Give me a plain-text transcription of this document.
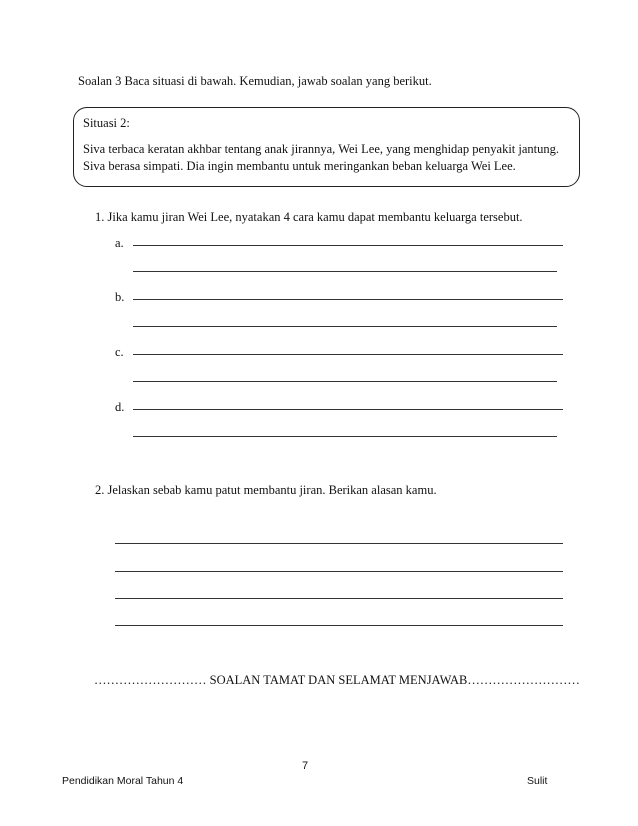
Soalan 3 Baca situasi di bawah. Kemudian, jawab soalan yang berikut.
Situasi 2:
Siva terbaca keratan akhbar tentang anak jirannya, Wei Lee, yang menghidap penyakit jantung.
Siva berasa simpati. Dia ingin membantu untuk meringankan beban keluarga Wei Lee.
1. Jika kamu jiran Wei Lee, nyatakan 4 cara kamu dapat membantu keluarga tersebut.
a.
b.
c.
d.
2. Jelaskan sebab kamu patut membantu jiran. Berikan alasan kamu.
……………………… SOALAN TAMAT DAN SELAMAT MENJAWAB………………………
7
Pendidikan Moral Tahun 4	Sulit
